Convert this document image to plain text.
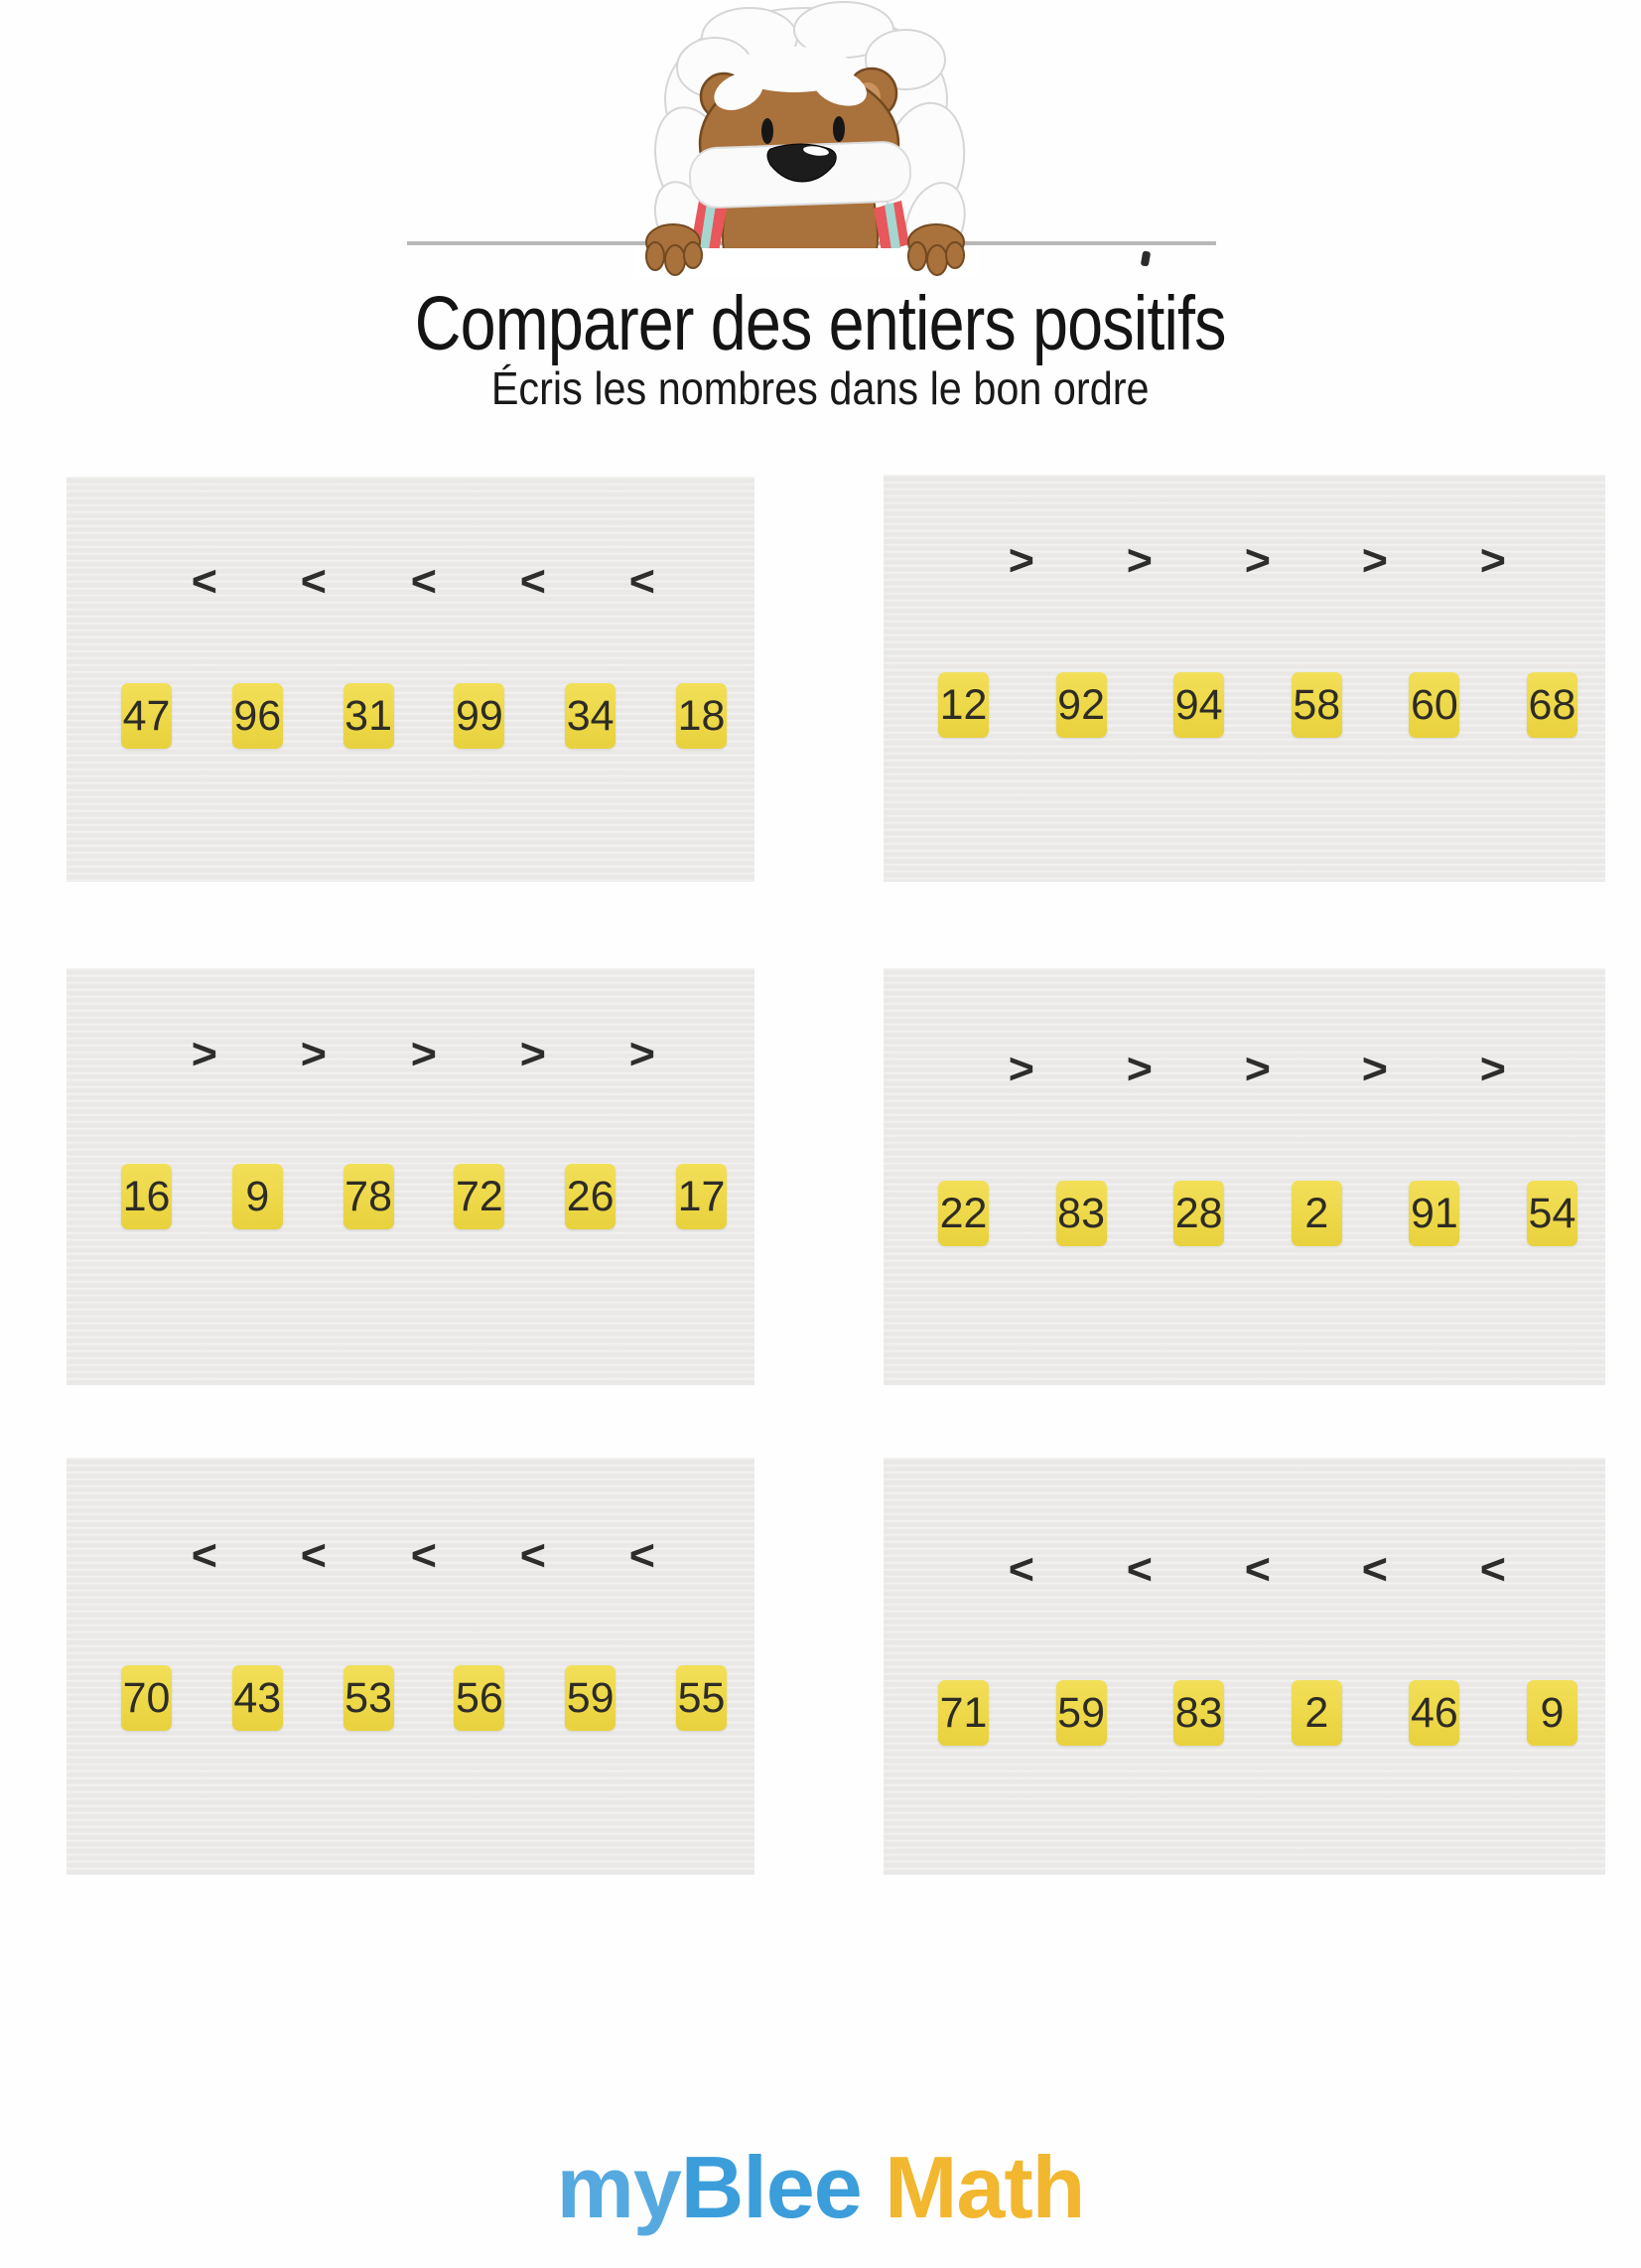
Comparer des entiers positifs
Écris les nombres dans le bon ordre
< < < < <
47 96 31 99 34 18
> > > > >
12 92 94 58 60 68
> > > > >
16	9	78 72 26 17
> > > > >
22 83 28	2	91 54
< < < < <
70 43 53 56 59 55
< < < < <
71 59 83	2	46	9
myBlee Math
